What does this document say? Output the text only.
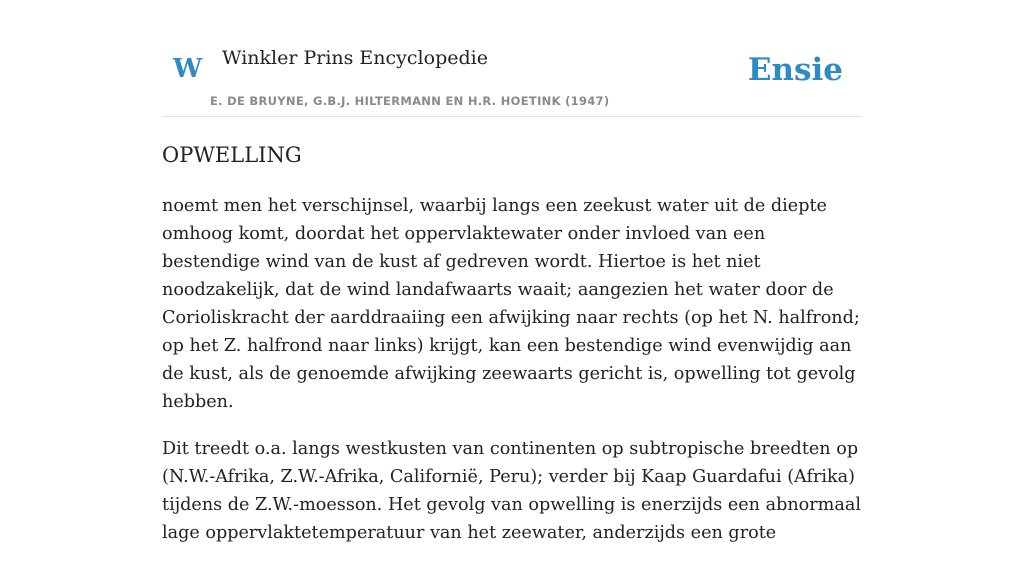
W Winkler Prins Encyclopedie
E. DE BRUYNE, G.B.J. HILTERMANN EN H.R. HOETINK (1947)
Ensie
OPWELLING

noemt men het verschijnsel, waarbij langs een zeekust water uit de diepte omhoog komt, doordat het oppervlaktewater onder invloed van een bestendige wind van de kust af gedreven wordt. Hiertoe is het niet noodzakelijk, dat de wind landafwaarts waait; aangezien het water door de Corioliskracht der aarddraaiing een afwijking naar rechts (op het N. halfrond; op het Z. halfrond naar links) krijgt, kan een bestendige wind evenwijdig aan de kust, als de genoemde afwijking zeewaarts gericht is, opwelling tot gevolg hebben.

Dit treedt o.a. langs westkusten van continenten op subtropische breedten op (N.W.-Afrika, Z.W.-Afrika, Californië, Peru); verder bij Kaap Guardafui (Afrika) tijdens de Z.W.-moesson. Het gevolg van opwelling is enerzijds een abnormaal lage oppervlaktetemperatuur van het zeewater, anderzijds een grote
